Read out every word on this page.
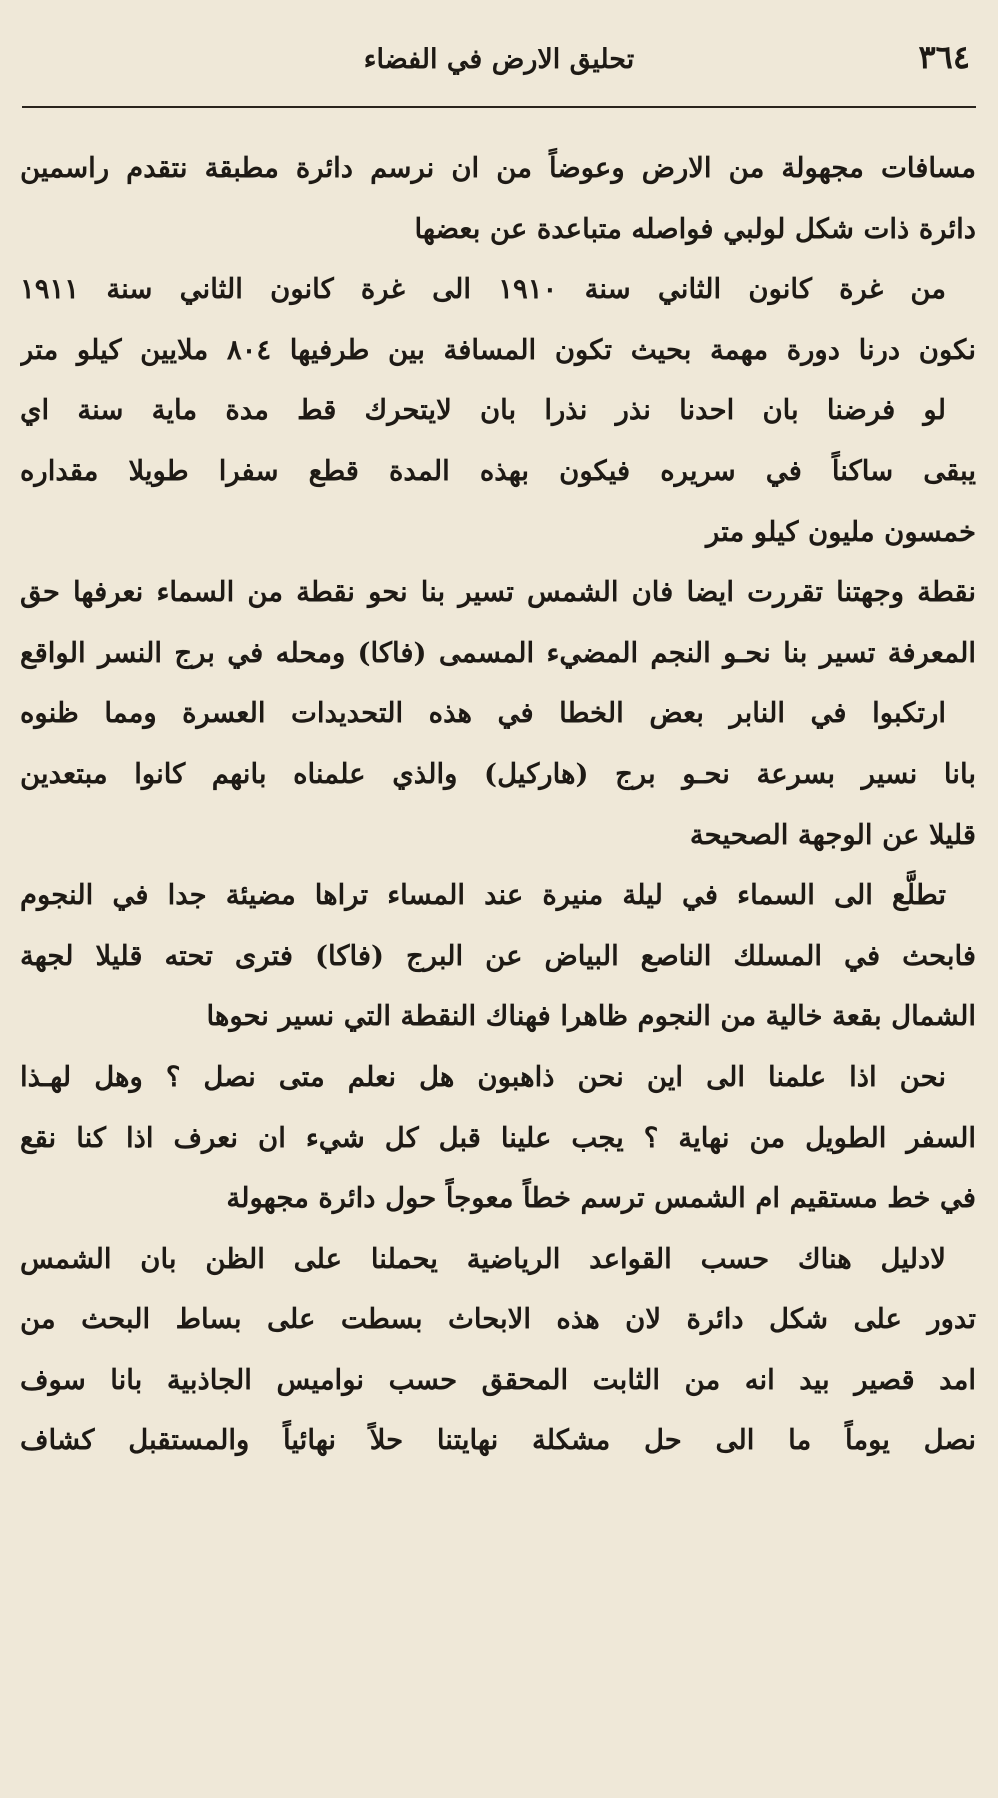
٣٦٤
تحليق الارض في الفضاء
مسافات مجهولة من الارض وعوضاً من ان نرسم دائرة مطبقة نتقدم راسمين
دائرة ذات شكل لولبي فواصله متباعدة عن بعضها
من غرة كانون الثاني سنة ١٩١٠ الى غرة كانون الثاني سنة ١٩١١
نكون درنا دورة مهمة بحيث تكون المسافة بين طرفيها ٨٠٤ ملايين كيلو متر
لو فرضنا بان احدنا نذر نذرا بان لايتحرك قط مدة ماية سنة اي
يبقى ساكناً في سريره فيكون بهذه المدة قطع سفرا طويلا مقداره
خمسون مليون كيلو متر
نقطة وجهتنا تقررت ايضا فان الشمس تسير بنا نحو نقطة من السماء نعرفها حق
المعرفة تسير بنا نحـو النجم المضيء المسمى (فاكا) ومحله في برج النسر الواقع
ارتكبوا في النابر بعض الخطا في هذه التحديدات العسرة ومما ظنوه
بانا نسير بسرعة نحـو برج (هاركيل) والذي علمناه بانهم كانوا مبتعدين
قليلا عن الوجهة الصحيحة
تطلَّع الى السماء في ليلة منيرة عند المساء تراها مضيئة جدا في النجوم
فابحث في المسلك الناصع البياض عن البرج (فاكا) فترى تحته قليلا لجهة
الشمال بقعة خالية من النجوم ظاهرا فهناك النقطة التي نسير نحوها
نحن اذا علمنا الى اين نحن ذاهبون هل نعلم متى نصل ؟ وهل لهـذا
السفر الطويل من نهاية ؟ يجب علينا قبل كل شيء ان نعرف اذا كنا نقع
في خط مستقيم ام الشمس ترسم خطاً معوجاً حول دائرة مجهولة
لادليل هناك حسب القواعد الرياضية يحملنا على الظن بان الشمس
تدور على شكل دائرة لان هذه الابحاث بسطت على بساط البحث من
امد قصير بيد انه من الثابت المحقق حسب نواميس الجاذبية بانا سوف
نصل يوماً ما الى حل مشكلة نهايتنا حلاً نهائياً والمستقبل كشاف
